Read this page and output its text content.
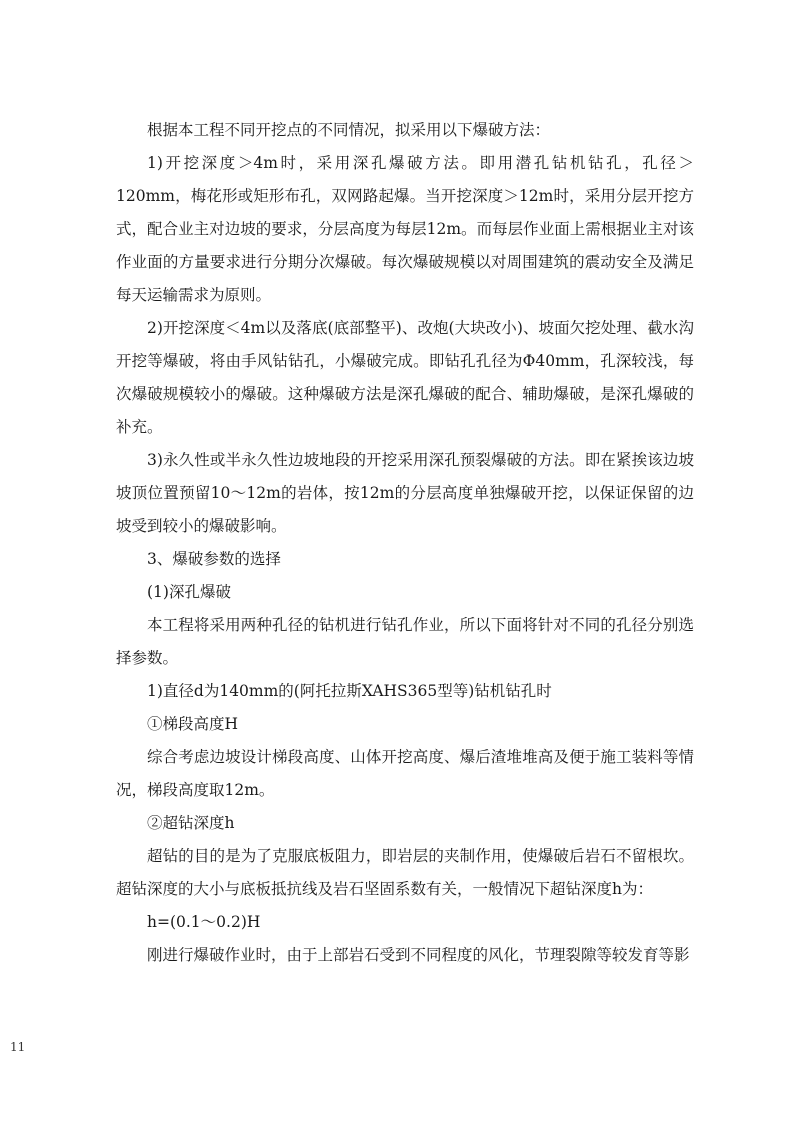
根据本工程不同开挖点的不同情况，拟采用以下爆破方法：

1)开挖深度＞4m时，采用深孔爆破方法。即用潜孔钻机钻孔，孔径＞120mm，梅花形或矩形布孔，双网路起爆。当开挖深度＞12m时，采用分层开挖方式，配合业主对边坡的要求，分层高度为每层12m。而每层作业面上需根据业主对该作业面的方量要求进行分期分次爆破。每次爆破规模以对周围建筑的震动安全及满足每天运输需求为原则。

2)开挖深度＜4m以及落底(底部整平)、改炮(大块改小)、坡面欠挖处理、截水沟开挖等爆破，将由手风钻钻孔，小爆破完成。即钻孔孔径为Φ40mm，孔深较浅，每次爆破规模较小的爆破。这种爆破方法是深孔爆破的配合、辅助爆破，是深孔爆破的补充。

3)永久性或半永久性边坡地段的开挖采用深孔预裂爆破的方法。即在紧挨该边坡坡顶位置预留10～12m的岩体，按12m的分层高度单独爆破开挖，以保证保留的边坡受到较小的爆破影响。

3、爆破参数的选择

(1)深孔爆破

本工程将采用两种孔径的钻机进行钻孔作业，所以下面将针对不同的孔径分别选择参数。

1)直径d为140mm的(阿托拉斯XAHS365型等)钻机钻孔时

①梯段高度H

综合考虑边坡设计梯段高度、山体开挖高度、爆后渣堆堆高及便于施工装料等情况，梯段高度取12m。

②超钻深度h

超钻的目的是为了克服底板阻力，即岩层的夹制作用，使爆破后岩石不留根坎。超钻深度的大小与底板抵抗线及岩石坚固系数有关，一般情况下超钻深度h为：

h=(0.1～0.2)H

刚进行爆破作业时，由于上部岩石受到不同程度的风化，节理裂隙等较发育等影

11
